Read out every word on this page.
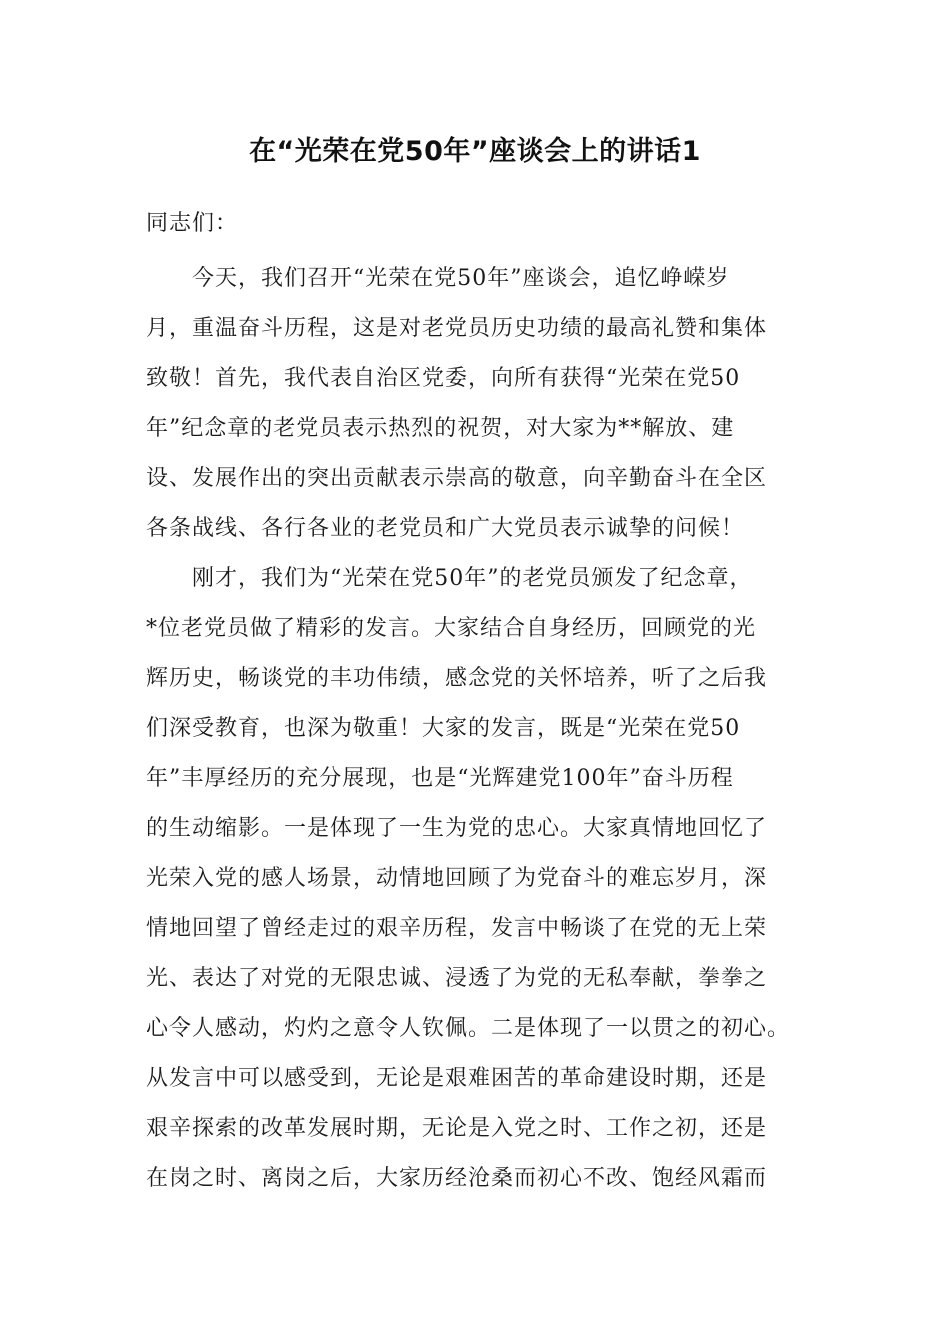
在“光荣在党50年”座谈会上的讲话1
同志们：
　　今天，我们召开“光荣在党50年”座谈会，追忆峥嵘岁
月，重温奋斗历程，这是对老党员历史功绩的最高礼赞和集体
致敬！首先，我代表自治区党委，向所有获得“光荣在党50
年”纪念章的老党员表示热烈的祝贺，对大家为**解放、建
设、发展作出的突出贡献表示崇高的敬意，向辛勤奋斗在全区
各条战线、各行各业的老党员和广大党员表示诚挚的问候！
　　刚才，我们为“光荣在党50年”的老党员颁发了纪念章，
*位老党员做了精彩的发言。大家结合自身经历，回顾党的光
辉历史，畅谈党的丰功伟绩，感念党的关怀培养，听了之后我
们深受教育，也深为敬重！大家的发言，既是“光荣在党50
年”丰厚经历的充分展现，也是“光辉建党100年”奋斗历程
的生动缩影。一是体现了一生为党的忠心。大家真情地回忆了
光荣入党的感人场景，动情地回顾了为党奋斗的难忘岁月，深
情地回望了曾经走过的艰辛历程，发言中畅谈了在党的无上荣
光、表达了对党的无限忠诚、浸透了为党的无私奉献，拳拳之
心令人感动，灼灼之意令人钦佩。二是体现了一以贯之的初心。
从发言中可以感受到，无论是艰难困苦的革命建设时期，还是
艰辛探索的改革发展时期，无论是入党之时、工作之初，还是
在岗之时、离岗之后，大家历经沧桑而初心不改、饱经风霜而
